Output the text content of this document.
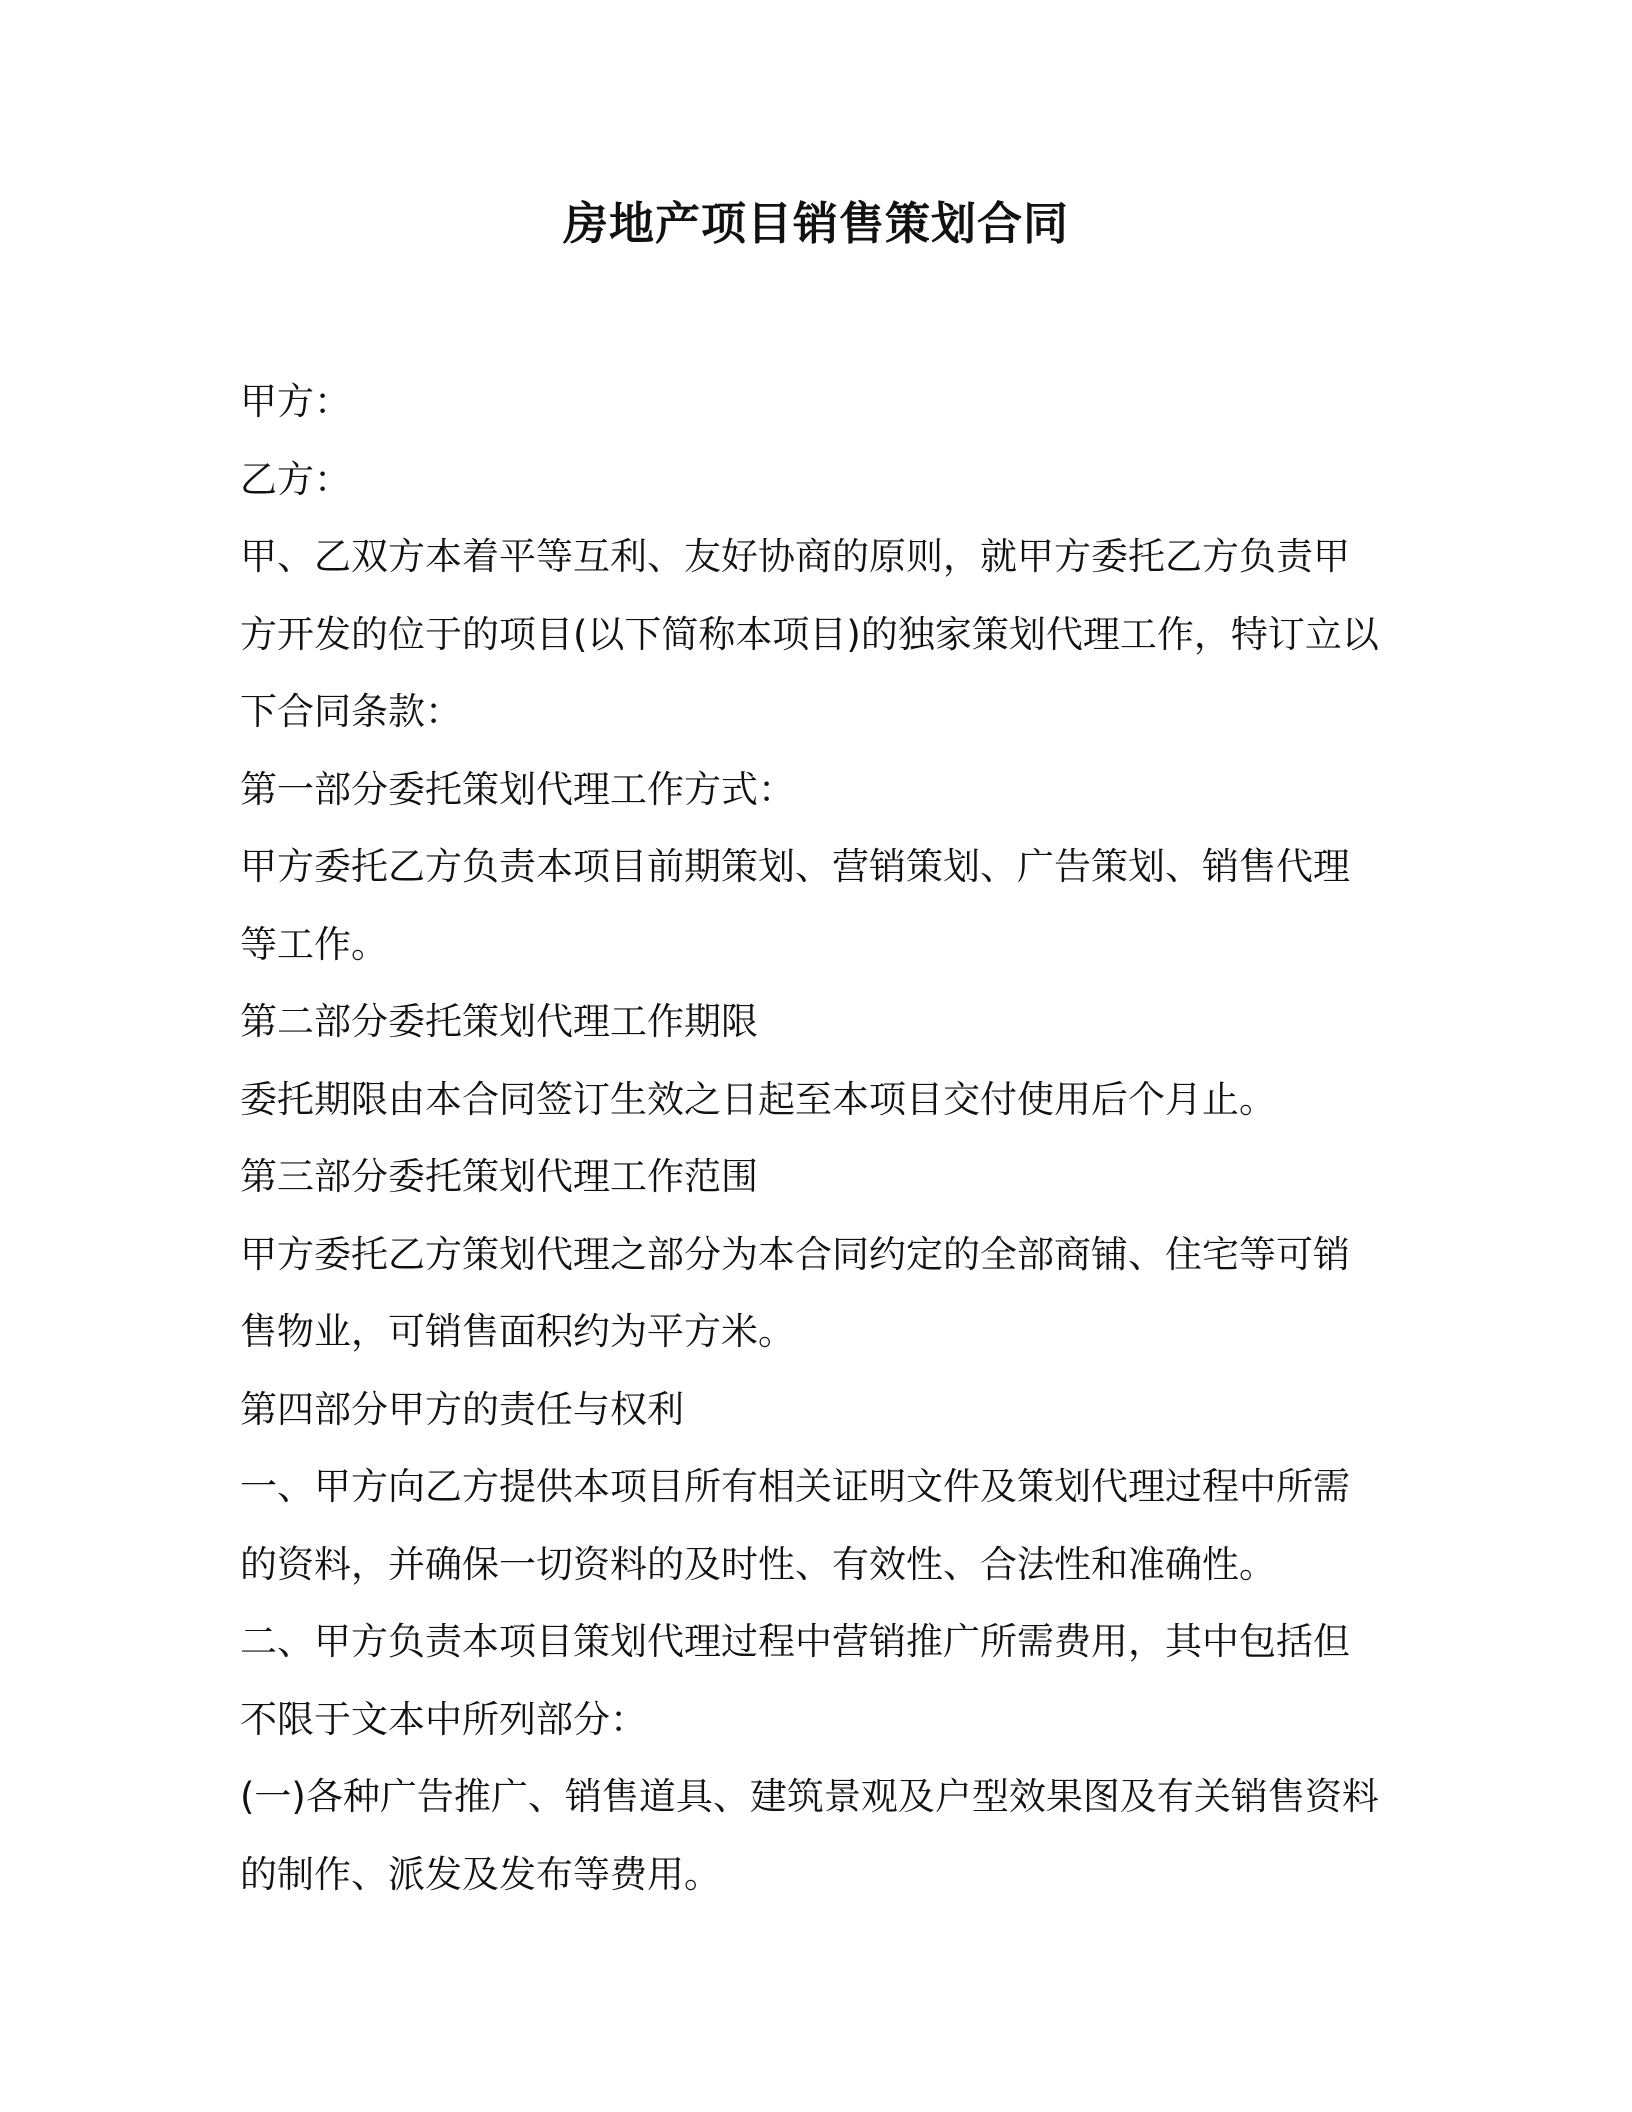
房地产项目销售策划合同

甲方：

乙方：

甲、乙双方本着平等互利、友好协商的原则，就甲方委托乙方负责甲

方开发的位于的项目(以下简称本项目)的独家策划代理工作，特订立以

下合同条款：

第一部分委托策划代理工作方式：

甲方委托乙方负责本项目前期策划、营销策划、广告策划、销售代理

等工作。

第二部分委托策划代理工作期限

委托期限由本合同签订生效之日起至本项目交付使用后个月止。

第三部分委托策划代理工作范围

甲方委托乙方策划代理之部分为本合同约定的全部商铺、住宅等可销

售物业，可销售面积约为平方米。

第四部分甲方的责任与权利

一、甲方向乙方提供本项目所有相关证明文件及策划代理过程中所需

的资料，并确保一切资料的及时性、有效性、合法性和准确性。

二、甲方负责本项目策划代理过程中营销推广所需费用，其中包括但

不限于文本中所列部分：

(一)各种广告推广、销售道具、建筑景观及户型效果图及有关销售资料

的制作、派发及发布等费用。
